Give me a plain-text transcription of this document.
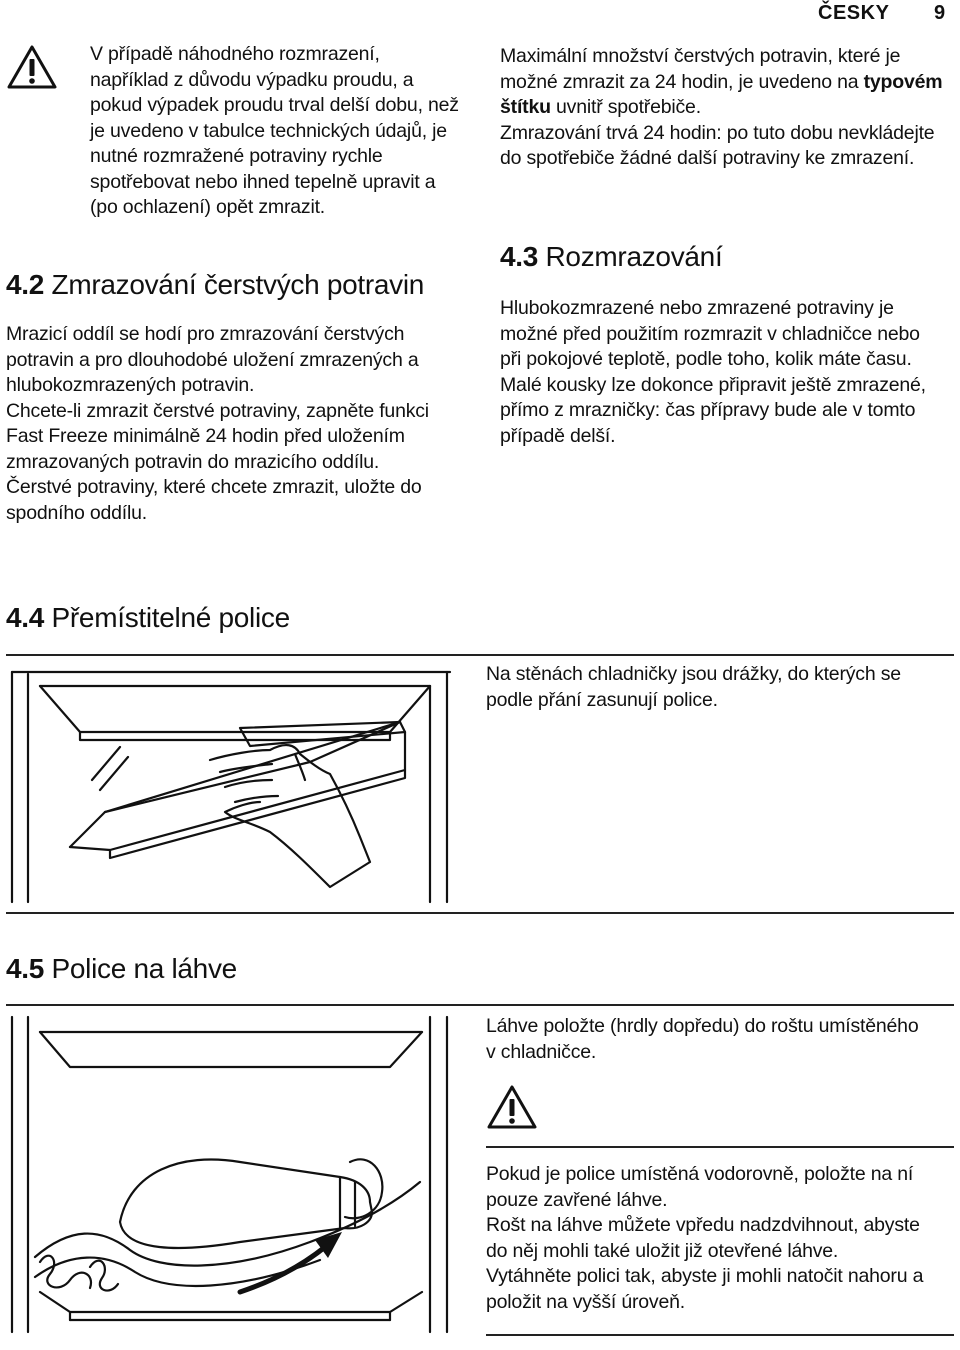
ČESKY 9

V případě náhodného rozmrazení, například z důvodu výpadku proudu, a pokud výpadek proudu trval delší dobu, než je uvedeno v tabulce technických údajů, je nutné rozmražené potraviny rychle spotřebovat nebo ihned tepelně upravit a (po ochlazení) opět zmrazit.

4.2 Zmrazování čerstvých potravin

Mrazicí oddíl se hodí pro zmrazování čerstvých potravin a pro dlouhodobé uložení zmrazených a hlubokozmrazených potravin.

Chcete-li zmrazit čerstvé potraviny, zapněte funkci Fast Freeze minimálně 24 hodin před uložením zmrazovaných potravin do mrazicího oddílu.

Čerstvé potraviny, které chcete zmrazit, uložte do spodního oddílu.

Maximální množství čerstvých potravin, které je možné zmrazit za 24 hodin, je uvedeno na typovém štítku uvnitř spotřebiče.

Zmrazování trvá 24 hodin: po tuto dobu nevkládejte do spotřebiče žádné další potraviny ke zmrazení.

4.3 Rozmrazování

Hlubokozmrazené nebo zmrazené potraviny je možné před použitím rozmrazit v chladničce nebo při pokojové teplotě, podle toho, kolik máte času.

Malé kousky lze dokonce připravit ještě zmrazené, přímo z mrazničky: čas přípravy bude ale v tomto případě delší.

4.4 Přemístitelné police

Na stěnách chladničky jsou drážky, do kterých se podle přání zasunují police.

4.5 Police na láhve

Láhve položte (hrdly dopředu) do roštu umístěného v chladničce.

Pokud je police umístěná vodorovně, položte na ní pouze zavřené láhve.

Rošt na láhve můžete vpředu nadzdvihnout, abyste do něj mohli také uložit již otevřené láhve.

Vytáhněte polici tak, abyste ji mohli natočit nahoru a položit na vyšší úroveň.
